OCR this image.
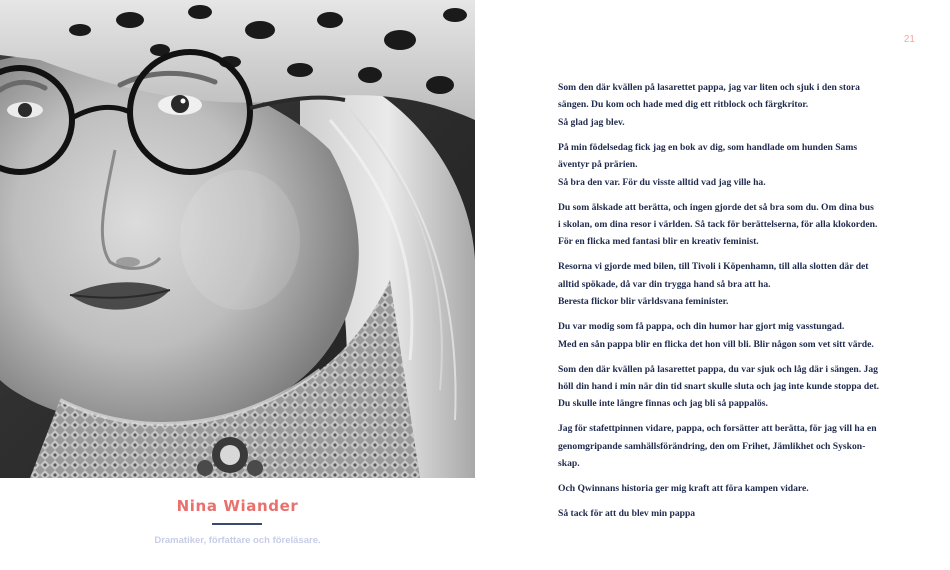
Nina Wiander
Dramatiker, författare och föreläsare.
21

Som den där kvällen på lasarettet pappa, jag var liten och sjuk i den stora
sängen. Du kom och hade med dig ett ritblock och färgkritor.
Så glad jag blev.

På min födelsedag fick jag en bok av dig, som handlade om hunden Sams
äventyr på prärien.
Så bra den var. För du visste alltid vad jag ville ha.

Du som älskade att berätta, och ingen gjorde det så bra som du. Om dina bus
i skolan, om dina resor i världen. Så tack för berättelserna, för alla klokorden.
För en flicka med fantasi blir en kreativ feminist.

Resorna vi gjorde med bilen, till Tivoli i Köpenhamn, till alla slotten där det
alltid spökade, då var din trygga hand så bra att ha.
Beresta flickor blir världsvana feminister.

Du var modig som få pappa, och din humor har gjort mig vasstungad.
Med en sån pappa blir en flicka det hon vill bli. Blir någon som vet sitt värde.

Som den där kvällen på lasarettet pappa, du var sjuk och låg där i sängen. Jag
höll din hand i min när din tid snart skulle sluta och jag inte kunde stoppa det.
Du skulle inte längre finnas och jag bli så pappalös.

Jag för stafettpinnen vidare, pappa, och forsätter att berätta, för jag vill ha en
genomgripande samhällsförändring, den om Frihet, Jämlikhet och Syskon-
skap.

Och Qwinnans historia ger mig kraft att föra kampen vidare.

Så tack för att du blev min pappa
